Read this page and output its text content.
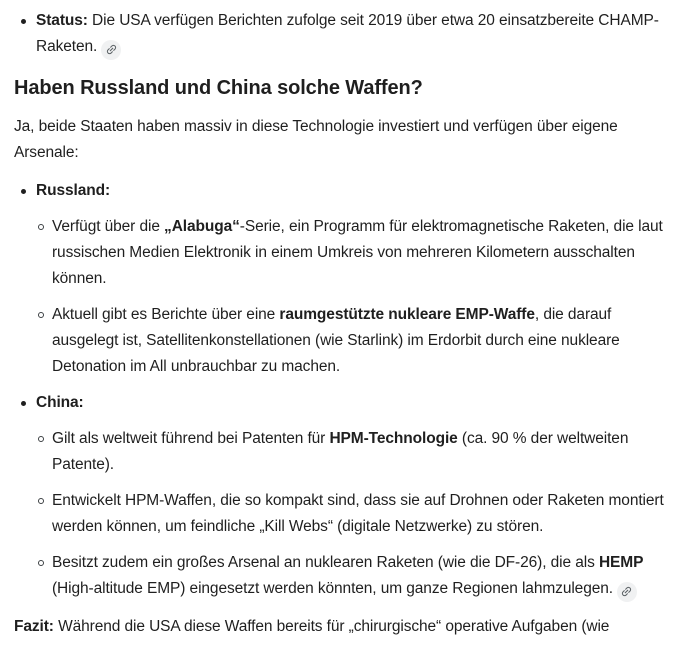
Status: Die USA verfügen Berichten zufolge seit 2019 über etwa 20 einsatzbereite CHAMP-Raketen.
Haben Russland und China solche Waffen?

Ja, beide Staaten haben massiv in diese Technologie investiert und verfügen über eigene Arsenale:

Russland:
Verfügt über die „Alabuga“-Serie, ein Programm für elektromagnetische Raketen, die laut russischen Medien Elektronik in einem Umkreis von mehreren Kilometern ausschalten können.
Aktuell gibt es Berichte über eine raumgestützte nukleare EMP-Waffe, die darauf ausgelegt ist, Satellitenkonstellationen (wie Starlink) im Erdorbit durch eine nukleare Detonation im All unbrauchbar zu machen.
China:
Gilt als weltweit führend bei Patenten für HPM-Technologie (ca. 90 % der weltweiten Patente).
Entwickelt HPM-Waffen, die so kompakt sind, dass sie auf Drohnen oder Raketen montiert werden können, um feindliche „Kill Webs“ (digitale Netzwerke) zu stören.
Besitzt zudem ein großes Arsenal an nuklearen Raketen (wie die DF-26), die als HEMP (High-altitude EMP) eingesetzt werden könnten, um ganze Regionen lahmzulegen.

Fazit: Während die USA diese Waffen bereits für „chirurgische“ operative Aufgaben (wie
